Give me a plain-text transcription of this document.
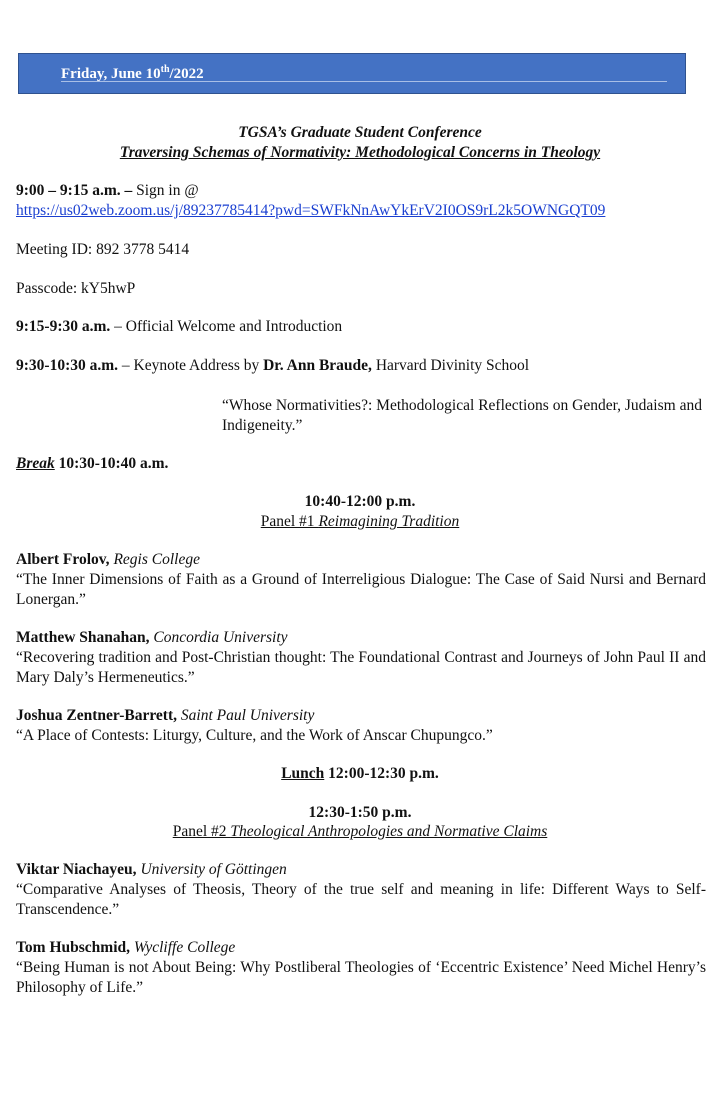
Friday, June 10th/2022
TGSA’s Graduate Student Conference
Traversing Schemas of Normativity: Methodological Concerns in Theology
9:00 – 9:15 a.m. – Sign in @
https://us02web.zoom.us/j/89237785414?pwd=SWFkNnAwYkErV2I0OS9rL2k5OWNGQT09
Meeting ID: 892 3778 5414
Passcode: kY5hwP
9:15-9:30 a.m. – Official Welcome and Introduction
9:30-10:30 a.m. – Keynote Address by Dr. Ann Braude, Harvard Divinity School
“Whose Normativities?: Methodological Reflections on Gender, Judaism and Indigeneity.”
Break 10:30-10:40 a.m.
10:40-12:00 p.m.
Panel #1 Reimagining Tradition
Albert Frolov, Regis College
“The Inner Dimensions of Faith as a Ground of Interreligious Dialogue: The Case of Said Nursi and Bernard Lonergan.”
Matthew Shanahan, Concordia University
“Recovering tradition and Post-Christian thought: The Foundational Contrast and Journeys of John Paul II and Mary Daly’s Hermeneutics.”
Joshua Zentner-Barrett, Saint Paul University
“A Place of Contests: Liturgy, Culture, and the Work of Anscar Chupungco.”
Lunch 12:00-12:30 p.m.
12:30-1:50 p.m.
Panel #2 Theological Anthropologies and Normative Claims
Viktar Niachayeu, University of Göttingen
“Comparative Analyses of Theosis, Theory of the true self and meaning in life: Different Ways to Self-Transcendence.”
Tom Hubschmid, Wycliffe College
“Being Human is not About Being: Why Postliberal Theologies of ‘Eccentric Existence’ Need Michel Henry’s Philosophy of Life.”
